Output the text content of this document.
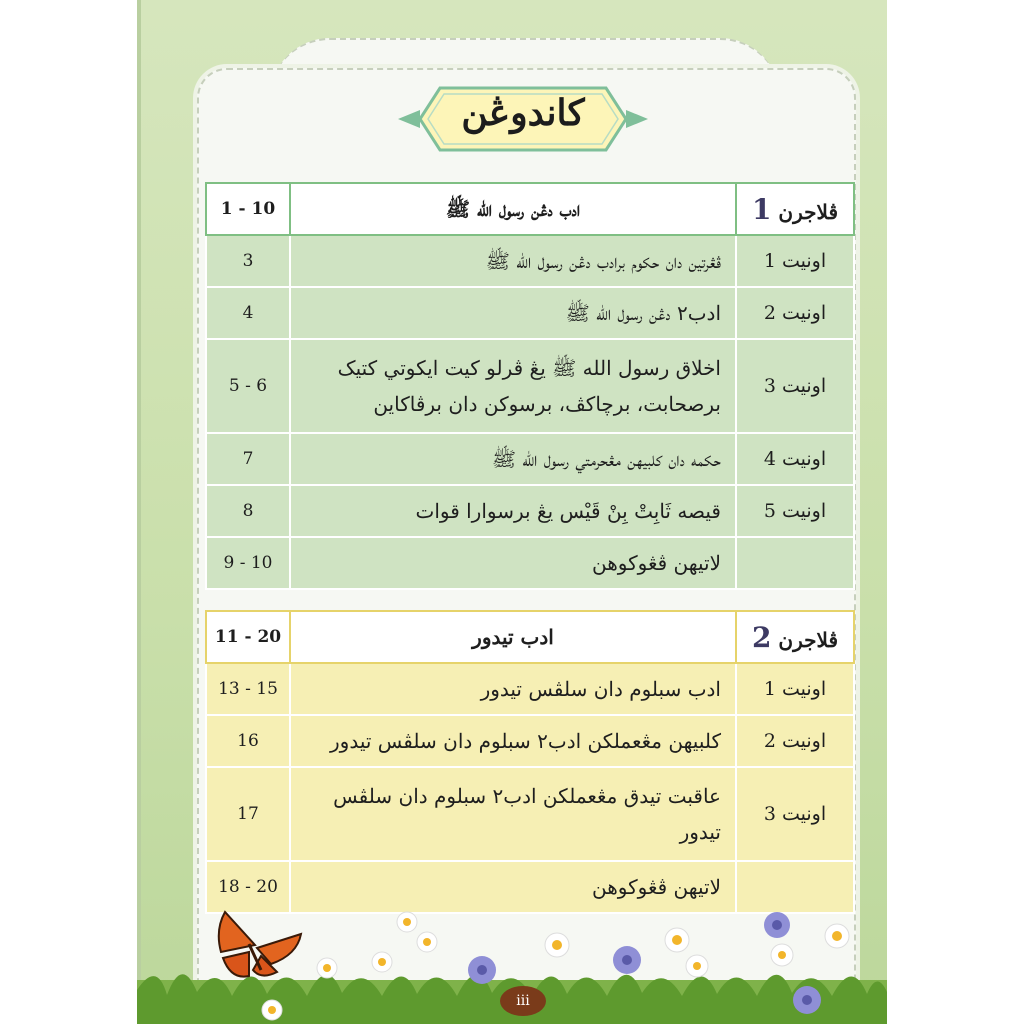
كاندوڠن
ڤلاجرن 1	ادب دڠن رسول الله ﷺ	1 - 10
اونيت 1	ڤڠرتين دان حکوم برادب دڠن رسول الله ﷺ	3
اونيت 2	ادب٢ دڠن رسول الله ﷺ	4
اونيت 3	اخلاق رسول الله ﷺ يڠ ڤرلو کيت ايکوتي کتيک برصحابت، برچاکڤ، برسوکن دان برڤاکاين	5 - 6
اونيت 4	حکمه دان کلبيهن مڠحرمتي رسول الله ﷺ	7
اونيت 5	قيصه ثَابِتْ بِنْ قَيْس يڠ برسوارا قوات	8
	لاتيهن ڤڠوکوهن	9 - 10
ڤلاجرن 2	ادب تيدور	11 - 20
اونيت 1	ادب سبلوم دان سلڤس تيدور	13 - 15
اونيت 2	کلبيهن مڠعملکن ادب٢ سبلوم دان سلڤس تيدور	16
اونيت 3	عاقبت تيدق مڠعملکن ادب٢ سبلوم دان سلڤس تيدور	17
	لاتيهن ڤڠوکوهن	18 - 20
iii
